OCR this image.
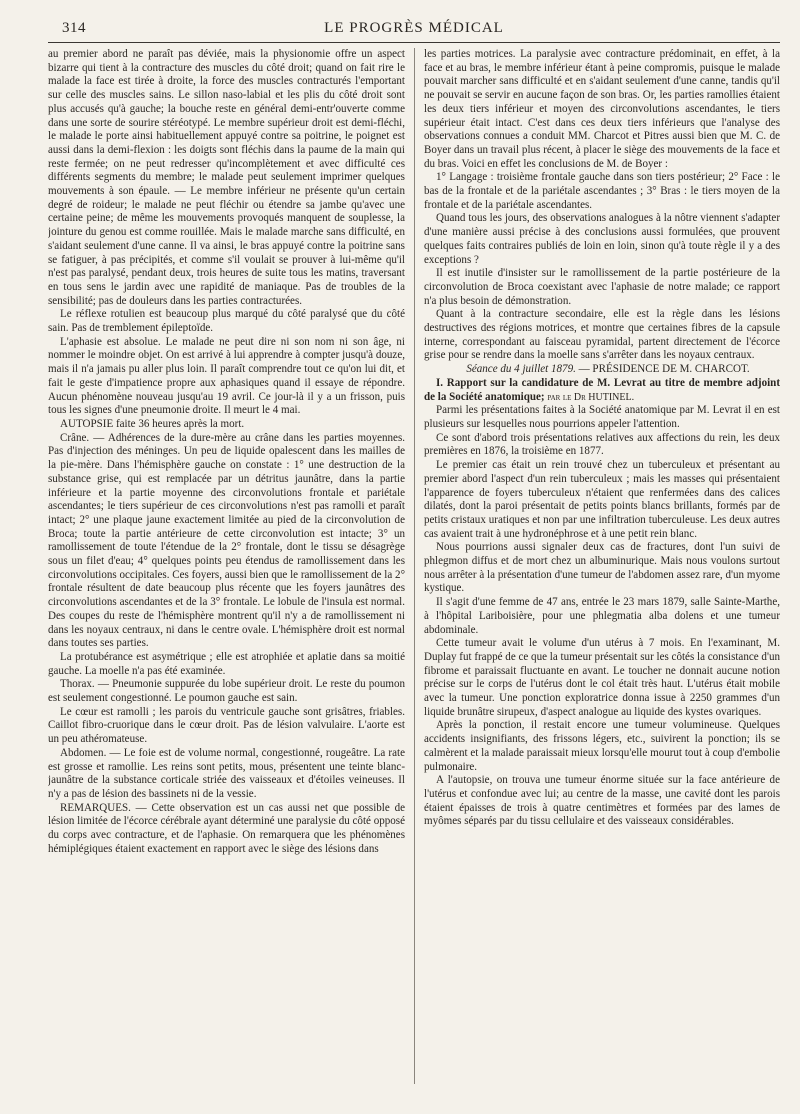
314	LE PROGRÈS MÉDICAL

au premier abord ne paraît pas déviée, mais la physionomie offre un aspect bizarre qui tient à la contracture des muscles du côté droit; quand on fait rire le malade la face est tirée à droite, la force des muscles contracturés l'emportant sur celle des muscles sains. Le sillon naso-labial et les plis du côté droit sont plus accusés qu'à gauche; la bouche reste en général demi-entr'ouverte comme dans une sorte de sourire stéréotypé. Le membre supérieur droit est demi-fléchi, le malade le porte ainsi habituellement appuyé contre sa poitrine, le poignet est aussi dans la demi-flexion : les doigts sont fléchis dans la paume de la main qui reste fermée; on ne peut redresser qu'incomplètement et avec difficulté ces différents segments du membre; le malade peut seulement imprimer quelques mouvements à son épaule. — Le membre inférieur ne présente qu'un certain degré de roideur; le malade ne peut fléchir ou étendre sa jambe qu'avec une certaine peine; de même les mouvements provoqués manquent de souplesse, la jointure du genou est comme rouillée. Mais le malade marche sans difficulté, en s'aidant seulement d'une canne. Il va ainsi, le bras appuyé contre la poitrine sans se fatiguer, à pas précipités, et comme s'il voulait se prouver à lui-même qu'il n'est pas paralysé, pendant deux, trois heures de suite tous les matins, traversant en tous sens le jardin avec une rapidité de maniaque. Pas de troubles de la sensibilité; pas de douleurs dans les parties contracturées.

Le réflexe rotulien est beaucoup plus marqué du côté paralysé que du côté sain. Pas de tremblement épileptoïde.

L'aphasie est absolue. Le malade ne peut dire ni son nom ni son âge, ni nommer le moindre objet. On est arrivé à lui apprendre à compter jusqu'à douze, mais il n'a jamais pu aller plus loin. Il paraît comprendre tout ce qu'on lui dit, et fait le geste d'impatience propre aux aphasiques quand il essaye de répondre. Aucun phénomène nouveau jusqu'au 19 avril. Ce jour-là il y a un frisson, puis tous les signes d'une pneumonie droite. Il meurt le 4 mai.

AUTOPSIE faite 36 heures après la mort.

Crâne. — Adhérences de la dure-mère au crâne dans les parties moyennes. Pas d'injection des méninges. Un peu de liquide opalescent dans les mailles de la pie-mère. Dans l'hémisphère gauche on constate : 1° une destruction de la substance grise, qui est remplacée par un détritus jaunâtre, dans la partie inférieure et la partie moyenne des circonvolutions frontale et pariétale ascendantes; le tiers supérieur de ces circonvolutions n'est pas ramolli et paraît intact; 2° une plaque jaune exactement limitée au pied de la circonvolution de Broca; toute la partie antérieure de cette circonvolution est intacte; 3° un ramollissement de toute l'étendue de la 2° frontale, dont le tissu se désagrège sous un filet d'eau; 4° quelques points peu étendus de ramollissement dans les circonvolutions occipitales. Ces foyers, aussi bien que le ramollissement de la 2° frontale résultent de date beaucoup plus récente que les foyers jaunâtres des circonvolutions ascendantes et de la 3° frontale. Le lobule de l'insula est normal. Des coupes du reste de l'hémisphère montrent qu'il n'y a de ramollissement ni dans les noyaux centraux, ni dans le centre ovale. L'hémisphère droit est normal dans toutes ses parties.

La protubérance est asymétrique ; elle est atrophiée et aplatie dans sa moitié gauche. La moelle n'a pas été examinée.

Thorax. — Pneumonie suppurée du lobe supérieur droit. Le reste du poumon est seulement congestionné. Le poumon gauche est sain.

Le cœur est ramolli ; les parois du ventricule gauche sont grisâtres, friables. Caillot fibro-cruorique dans le cœur droit. Pas de lésion valvulaire. L'aorte est un peu athéromateuse.

Abdomen. — Le foie est de volume normal, congestionné, rougeâtre. La rate est grosse et ramollie. Les reins sont petits, mous, présentent une teinte blanc-jaunâtre de la substance corticale striée des vaisseaux et d'étoiles veineuses. Il n'y a pas de lésion des bassinets ni de la vessie.

REMARQUES. — Cette observation est un cas aussi net que possible de lésion limitée de l'écorce cérébrale ayant déterminé une paralysie du côté opposé du corps avec contracture, et de l'aphasie. On remarquera que les phénomènes hémiplégiques étaient exactement en rapport avec le siège des lésions dans

les parties motrices. La paralysie avec contracture prédominait, en effet, à la face et au bras, le membre inférieur étant à peine compromis, puisque le malade pouvait marcher sans difficulté et en s'aidant seulement d'une canne, tandis qu'il ne pouvait se servir en aucune façon de son bras. Or, les parties ramollies étaient les deux tiers inférieur et moyen des circonvolutions ascendantes, le tiers supérieur était intact. C'est dans ces deux tiers inférieurs que l'analyse des observations connues a conduit MM. Charcot et Pitres aussi bien que M. C. de Boyer dans un travail plus récent, à placer le siège des mouvements de la face et du bras. Voici en effet les conclusions de M. de Boyer :

1° Langage : troisième frontale gauche dans son tiers postérieur; 2° Face : le bas de la frontale et de la pariétale ascendantes ; 3° Bras : le tiers moyen de la frontale et de la pariétale ascendantes.

Quand tous les jours, des observations analogues à la nôtre viennent s'adapter d'une manière aussi précise à des conclusions aussi formulées, que prouvent quelques faits contraires publiés de loin en loin, sinon qu'à toute règle il y a des exceptions ?

Il est inutile d'insister sur le ramollissement de la partie postérieure de la circonvolution de Broca coexistant avec l'aphasie de notre malade; ce rapport n'a plus besoin de démonstration.

Quant à la contracture secondaire, elle est la règle dans les lésions destructives des régions motrices, et montre que certaines fibres de la capsule interne, correspondant au faisceau pyramidal, partent directement de l'écorce grise pour se rendre dans la moelle sans s'arrêter dans les noyaux centraux.

Séance du 4 juillet 1879. — PRÉSIDENCE DE M. CHARCOT.

I. Rapport sur la candidature de M. Levrat au titre de membre adjoint de la Société anatomique; par le Dr HUTINEL.

Parmi les présentations faites à la Société anatomique par M. Levrat il en est plusieurs sur lesquelles nous pourrions appeler l'attention.

Ce sont d'abord trois présentations relatives aux affections du rein, les deux premières en 1876, la troisième en 1877.

Le premier cas était un rein trouvé chez un tuberculeux et présentant au premier abord l'aspect d'un rein tuberculeux ; mais les masses qui présentaient l'apparence de foyers tuberculeux n'étaient que renfermées dans des calices dilatés, dont la paroi présentait de petits points blancs brillants, formés par de petits cristaux uratiques et non par une infiltration tuberculeuse. Les deux autres cas avaient trait à une hydronéphrose et à une petit rein blanc.

Nous pourrions aussi signaler deux cas de fractures, dont l'un suivi de phlegmon diffus et de mort chez un albuminurique. Mais nous voulons surtout nous arrêter à la présentation d'une tumeur de l'abdomen assez rare, d'un myome kystique.

Il s'agit d'une femme de 47 ans, entrée le 23 mars 1879, salle Sainte-Marthe, à l'hôpital Lariboisière, pour une phlegmatia alba dolens et une tumeur abdominale.

Cette tumeur avait le volume d'un utérus à 7 mois. En l'examinant, M. Duplay fut frappé de ce que la tumeur présentait sur les côtés la consistance d'un fibrome et paraissait fluctuante en avant. Le toucher ne donnait aucune notion précise sur le corps de l'utérus dont le col était très haut. L'utérus était mobile avec la tumeur. Une ponction exploratrice donna issue à 2250 grammes d'un liquide brunâtre sirupeux, d'aspect analogue au liquide des kystes ovariques.

Après la ponction, il restait encore une tumeur volumineuse. Quelques accidents insignifiants, des frissons légers, etc., suivirent la ponction; ils se calmèrent et la malade paraissait mieux lorsqu'elle mourut tout à coup d'embolie pulmonaire.

A l'autopsie, on trouva une tumeur énorme située sur la face antérieure de l'utérus et confondue avec lui; au centre de la masse, une cavité dont les parois étaient épaisses de trois à quatre centimètres et formées par des lames de myômes séparés par du tissu cellulaire et des vaisseaux considérables.
